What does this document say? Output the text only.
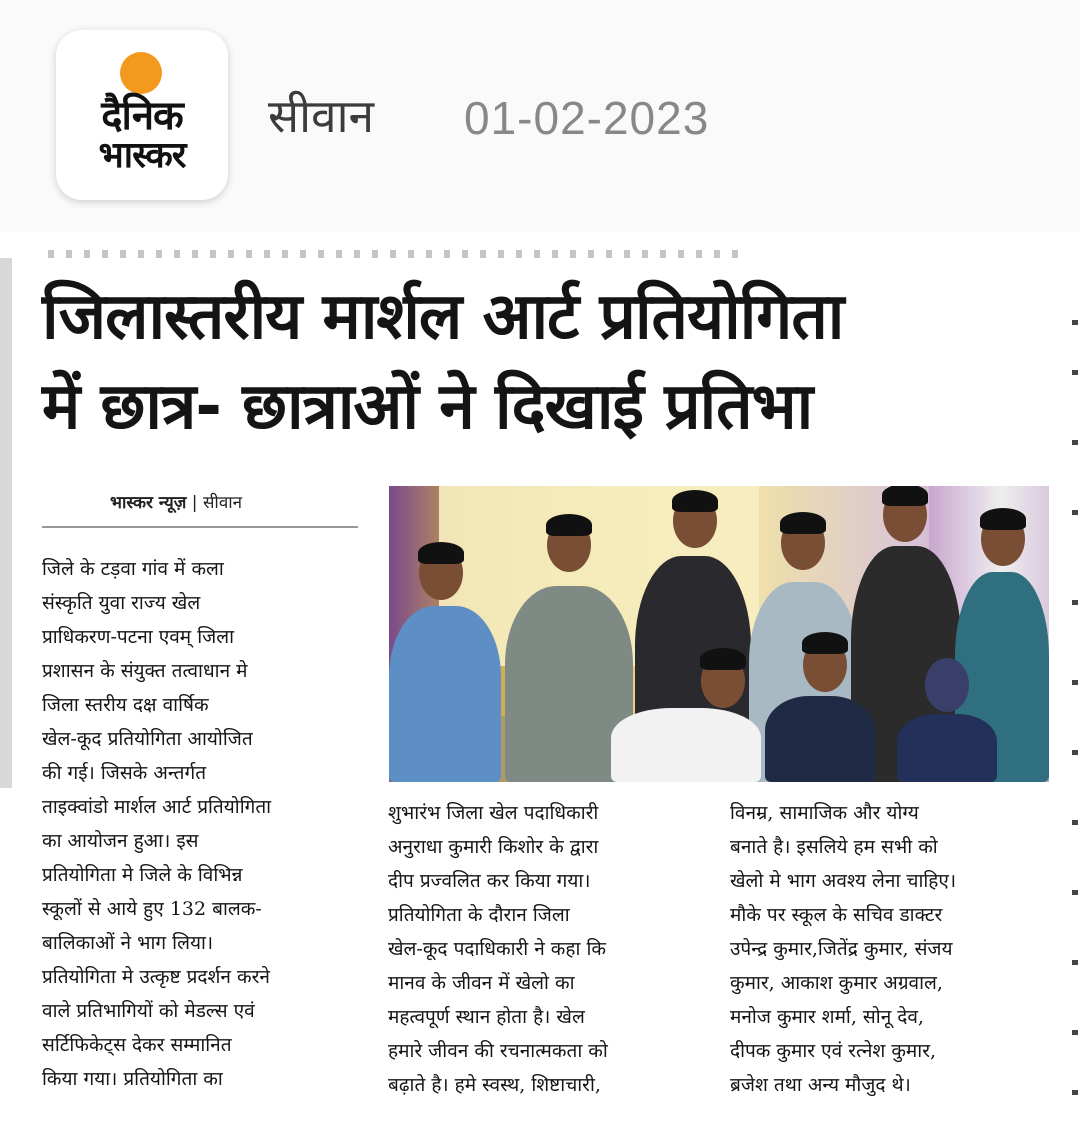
दैनिक
भास्कर
सीवान 01-02-2023
जिलास्तरीय मार्शल आर्ट प्रतियोगिता
में छात्र- छात्राओं ने दिखाई प्रतिभा
भास्कर न्यूज़ | सीवान
जिले के टड़वा गांव में कला
संस्कृति युवा राज्य खेल
प्राधिकरण-पटना एवम् जिला
प्रशासन के संयुक्त तत्वाधान मे
जिला स्तरीय दक्ष वार्षिक
खेल-कूद प्रतियोगिता आयोजित
की गई। जिसके अन्तर्गत
ताइक्वांडो मार्शल आर्ट प्रतियोगिता
का आयोजन हुआ। इस
प्रतियोगिता मे जिले के विभिन्न
स्कूलों से आये हुए 132 बालक-
बालिकाओं ने भाग लिया।
प्रतियोगिता मे उत्कृष्ट प्रदर्शन करने
वाले प्रतिभागियों को मेडल्स एवं
सर्टिफिकेट्स देकर सम्मानित
किया गया। प्रतियोगिता का
शुभारंभ जिला खेल पदाधिकारी
अनुराधा कुमारी किशोर के द्वारा
दीप प्रज्वलित कर किया गया।
प्रतियोगिता के दौरान जिला
खेल-कूद पदाधिकारी ने कहा कि
मानव के जीवन में खेलो का
महत्वपूर्ण स्थान होता है। खेल
हमारे जीवन की रचनात्मकता को
बढ़ाते है। हमे स्वस्थ, शिष्टाचारी,
विनम्र, सामाजिक और योग्य
बनाते है। इसलिये हम सभी को
खेलो मे भाग अवश्य लेना चाहिए।
मौके पर स्कूल के सचिव डाक्टर
उपेन्द्र कुमार,जितेंद्र कुमार, संजय
कुमार, आकाश कुमार अग्रवाल,
मनोज कुमार शर्मा, सोनू देव,
दीपक कुमार एवं रत्नेश कुमार,
ब्रजेश तथा अन्य मौजुद थे।
